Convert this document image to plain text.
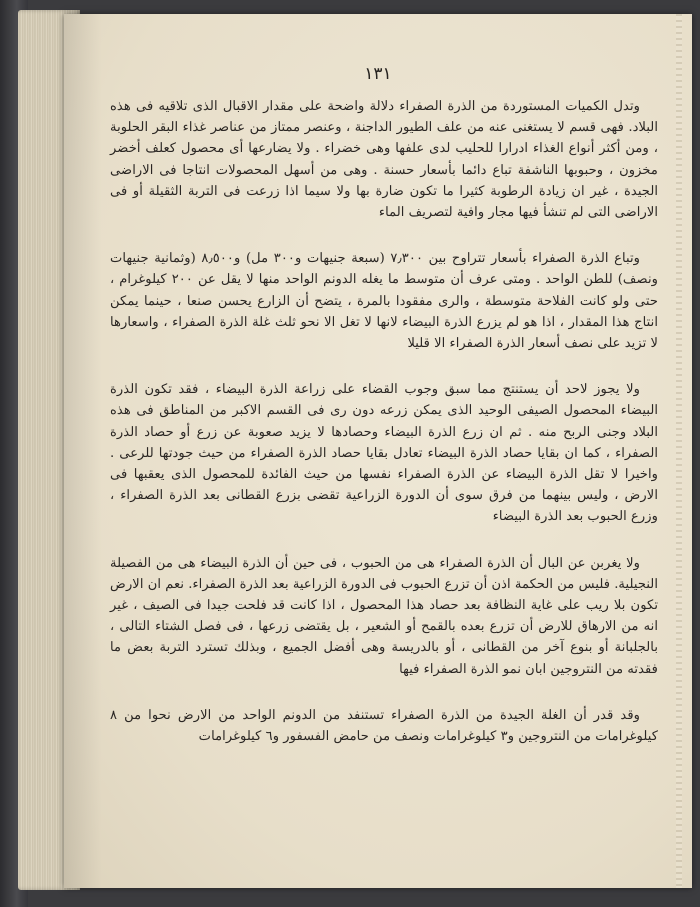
١٣١

وتدل الكميات المستوردة من الذرة الصفراء دلالة واضحة على مقدار الاقبال الذى تلاقيه فى هذه البلاد. فهى قسم لا يستغنى عنه من علف الطيور الداجنة ، وعنصر ممتاز من عناصر غذاء البقر الحلوبة ، ومن أكثر أنواع الغذاء ادرارا للحليب لدى علفها وهى خضراء . ولا يضارعها أى محصول كعلف أخضر مخزون ، وحبوبها الناشفة تباع دائما بأسعار حسنة . وهى من أسهل المحصولات انتاجا فى الاراضى الجيدة ، غير ان زيادة الرطوبة كثيرا ما تكون ضارة بها ولا سيما اذا زرعت فى التربة الثقيلة أو فى الاراضى التى لم تنشأ فيها مجار وافية لتصريف الماء

وتباع الذرة الصفراء بأسعار تتراوح بين ٧٫٣٠٠ (سبعة جنيهات و٣٠٠ مل) و٨٫٥٠٠ (وثمانية جنيهات ونصف) للطن الواحد . ومتى عرف أن متوسط ما يغله الدونم الواحد منها لا يقل عن ٢٠٠ كيلوغرام ، حتى ولو كانت الفلاحة متوسطة ، والرى مفقودا بالمرة ، يتضح أن الزارع يحسن صنعا ، حينما يمكن انتاج هذا المقدار ، اذا هو لم يزرع الذرة البيضاء لانها لا تغل الا نحو ثلث غلة الذرة الصفراء ، واسعارها لا تزيد على نصف أسعار الذرة الصفراء الا قليلا

ولا يجوز لاحد أن يستنتج مما سبق وجوب القضاء على زراعة الذرة البيضاء ، فقد تكون الذرة البيضاء المحصول الصيفى الوحيد الذى يمكن زرعه دون رى فى القسم الاكبر من المناطق فى هذه البلاد وجنى الربح منه . ثم ان زرع الذرة البيضاء وحصادها لا يزيد صعوبة عن زرع أو حصاد الذرة الصفراء ، كما ان بقايا حصاد الذرة البيضاء تعادل بقايا حصاد الذرة الصفراء من حيث جودتها للرعى . واخيرا لا تقل الذرة البيضاء عن الذرة الصفراء نفسها من حيث الفائدة للمحصول الذى يعقبها فى الارض ، وليس بينهما من فرق سوى أن الدورة الزراعية تقضى بزرع القطانى بعد الذرة الصفراء ، وزرع الحبوب بعد الذرة البيضاء

ولا يغربن عن البال أن الذرة الصفراء هى من الحبوب ، فى حين أن الذرة البيضاء هى من الفصيلة النجيلية. فليس من الحكمة اذن أن تزرع الحبوب فى الدورة الزراعية بعد الذرة الصفراء. نعم ان الارض تكون بلا ريب على غاية النظافة بعد حصاد هذا المحصول ، اذا كانت قد فلحت جيدا فى الصيف ، غير انه من الارهاق للارض أن تزرع بعده بالقمح أو الشعير ، بل يقتضى زرعها ، فى فصل الشتاء التالى ، بالجلبانة أو بنوع آخر من القطانى ، أو بالدريسة وهى أفضل الجميع ، وبذلك تسترد التربة بعض ما فقدته من النتروجين ابان نمو الذرة الصفراء فيها

وقد قدر أن الغلة الجيدة من الذرة الصفراء تستنفد من الدونم الواحد من الارض نحوا من ٨ كيلوغرامات من النتروجين و٣ كيلوغرامات ونصف من حامض الفسفور و٦ كيلوغرامات
